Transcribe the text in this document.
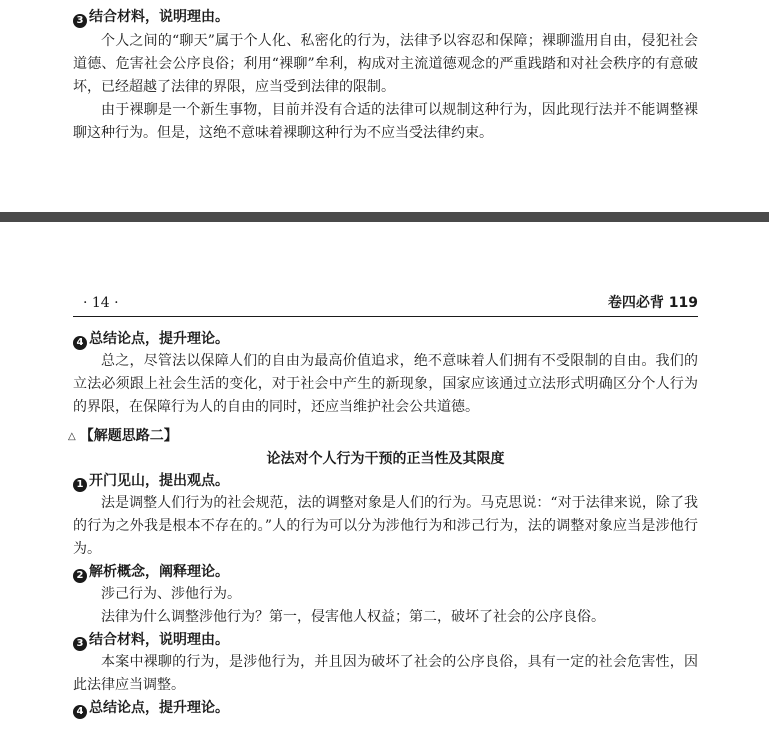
3 结合材料，说明理由。

个人之间的“聊天”属于个人化、私密化的行为，法律予以容忍和保障；裸聊滥用自由，侵犯社会道德、危害社会公序良俗；利用“裸聊”牟利，构成对主流道德观念的严重践踏和对社会秩序的有意破坏，已经超越了法律的界限，应当受到法律的限制。

由于裸聊是一个新生事物，目前并没有合适的法律可以规制这种行为，因此现行法并不能调整裸聊这种行为。但是，这绝不意味着裸聊这种行为不应当受法律约束。

· 14 ·	卷四必背 119
4 总结论点，提升理论。

总之，尽管法以保障人们的自由为最高价值追求，绝不意味着人们拥有不受限制的自由。我们的立法必须跟上社会生活的变化，对于社会中产生的新现象，国家应该通过立法形式明确区分个人行为的界限，在保障行为人的自由的同时，还应当维护社会公共道德。

△ 【解题思路二】
论法对个人行为干预的正当性及其限度
1 开门见山，提出观点。

法是调整人们行为的社会规范，法的调整对象是人们的行为。马克思说：“对于法律来说，除了我的行为之外我是根本不存在的。”人的行为可以分为涉他行为和涉己行为，法的调整对象应当是涉他行为。

2 解析概念，阐释理论。

涉己行为、涉他行为。

法律为什么调整涉他行为？第一，侵害他人权益；第二，破坏了社会的公序良俗。

3 结合材料，说明理由。

本案中裸聊的行为，是涉他行为，并且因为破坏了社会的公序良俗，具有一定的社会危害性，因此法律应当调整。

4 总结论点，提升理论。
